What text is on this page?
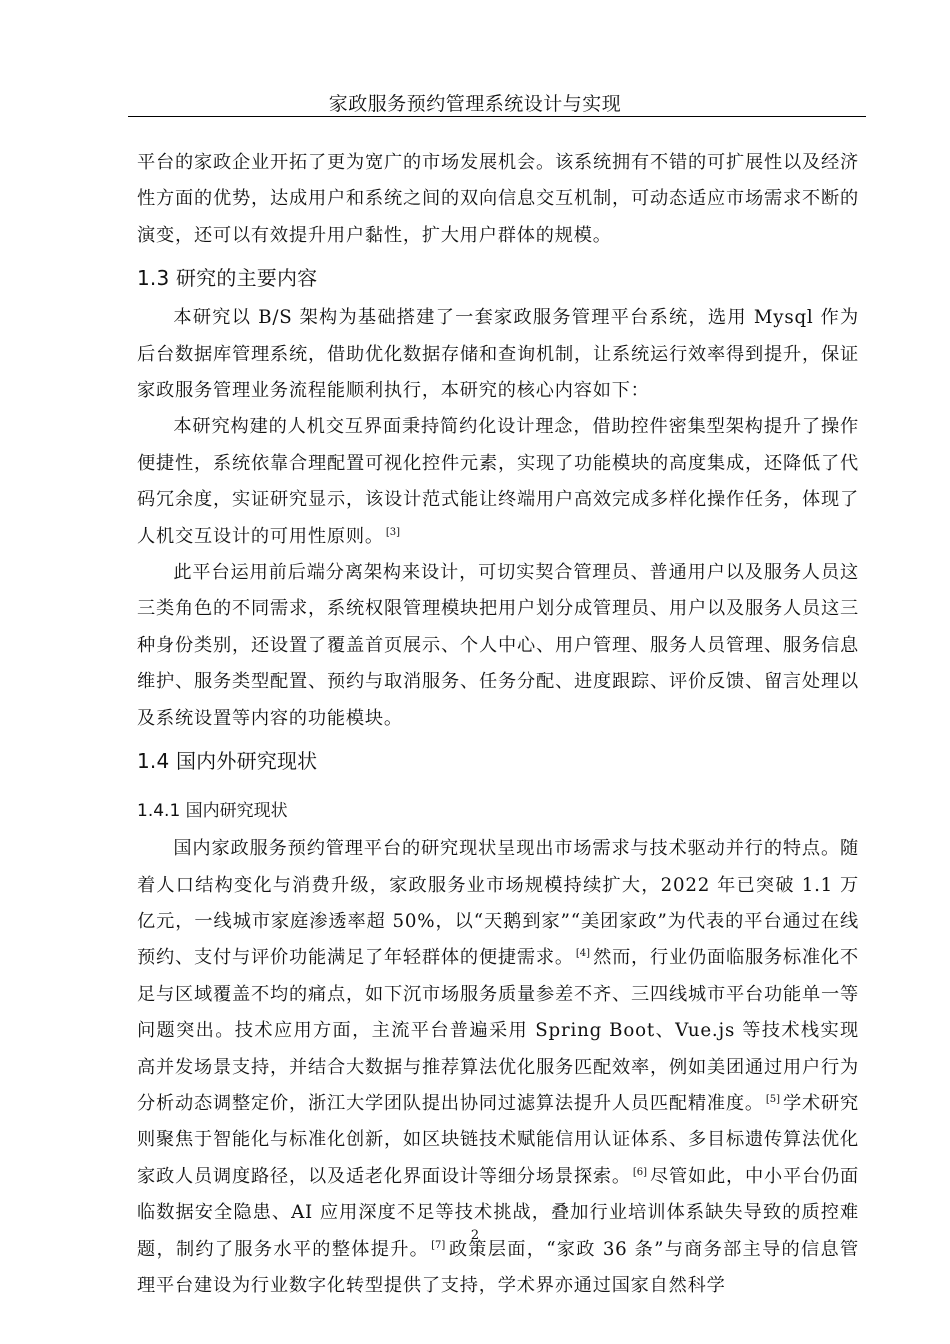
家政服务预约管理系统设计与实现

平台的家政企业开拓了更为宽广的市场发展机会。该系统拥有不错的可扩展性以及经济性方面的优势，达成用户和系统之间的双向信息交互机制，可动态适应市场需求不断的演变，还可以有效提升用户黏性，扩大用户群体的规模。

1.3 研究的主要内容

本研究以 B/S 架构为基础搭建了一套家政服务管理平台系统，选用 Mysql 作为后台数据库管理系统，借助优化数据存储和查询机制，让系统运行效率得到提升，保证家政服务管理业务流程能顺利执行，本研究的核心内容如下：

本研究构建的人机交互界面秉持简约化设计理念，借助控件密集型架构提升了操作便捷性，系统依靠合理配置可视化控件元素，实现了功能模块的高度集成，还降低了代码冗余度，实证研究显示，该设计范式能让终端用户高效完成多样化操作任务，体现了人机交互设计的可用性原则。 [3]

此平台运用前后端分离架构来设计，可切实契合管理员、普通用户以及服务人员这三类角色的不同需求，系统权限管理模块把用户划分成管理员、用户以及服务人员这三种身份类别，还设置了覆盖首页展示、个人中心、用户管理、服务人员管理、服务信息维护、服务类型配置、预约与取消服务、任务分配、进度跟踪、评价反馈、留言处理以及系统设置等内容的功能模块。

1.4 国内外研究现状
1.4.1 国内研究现状

国内家政服务预约管理平台的研究现状呈现出市场需求与技术驱动并行的特点。随着人口结构变化与消费升级，家政服务业市场规模持续扩大，2022 年已突破 1.1 万亿元，一线城市家庭渗透率超 50%，以“天鹅到家”“美团家政”为代表的平台通过在线预约、支付与评价功能满足了年轻群体的便捷需求。 [4] 然而，行业仍面临服务标准化不足与区域覆盖不均的痛点，如下沉市场服务质量参差不齐、三四线城市平台功能单一等问题突出。技术应用方面，主流平台普遍采用 Spring Boot、Vue.js 等技术栈实现高并发场景支持，并结合大数据与推荐算法优化服务匹配效率，例如美团通过用户行为分析动态调整定价，浙江大学团队提出协同过滤算法提升人员匹配精准度。 [5] 学术研究则聚焦于智能化与标准化创新，如区块链技术赋能信用认证体系、多目标遗传算法优化家政人员调度路径，以及适老化界面设计等细分场景探索。 [6] 尽管如此，中小平台仍面临数据安全隐患、AI 应用深度不足等技术挑战，叠加行业培训体系缺失导致的质控难题，制约了服务水平的整体提升。 [7] 政策层面，“家政 36 条”与商务部主导的信息管理平台建设为行业数字化转型提供了支持，学术界亦通过国家自然科学

2
